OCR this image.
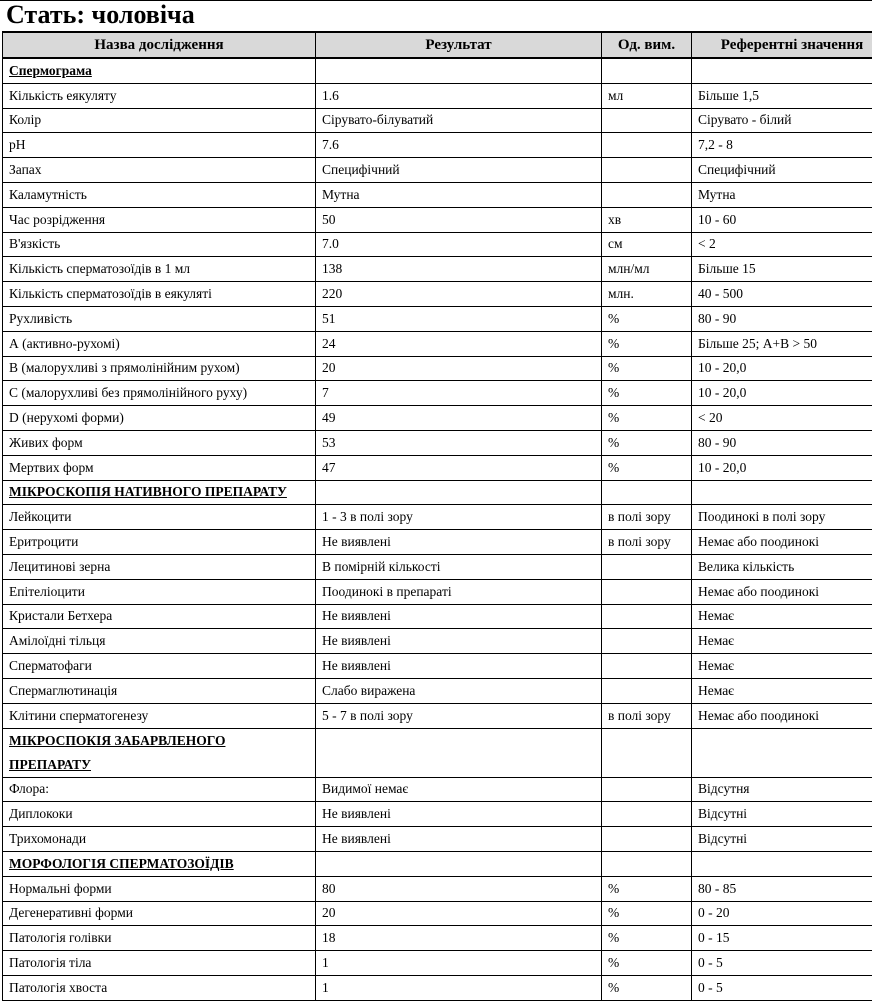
Стать: чоловіча
Назва дослідження	Результат	Од. вим.	Референтні значення
Спермограма			
Кількість еякуляту	1.6	мл	Більше 1,5
Колір	Сірувато-білуватий		Сірувато - білий
pH	7.6		7,2 - 8
Запах	Специфічний		Специфічний
Каламутність	Мутна		Мутна
Час розрідження	50	хв	10 - 60
В'язкість	7.0	см	< 2
Кількість сперматозоїдів в 1 мл	138	млн/мл	Більше 15
Кількість сперматозоїдів в еякуляті	220	млн.	40 - 500
Рухливість	51	%	80 - 90
А (активно-рухомі)	24	%	Більше 25; A+B > 50
В (малорухливі з прямолінійним рухом)	20	%	10 - 20,0
С (малорухливі без прямолінійного руху)	7	%	10 - 20,0
D (нерухомі форми)	49	%	< 20
Живих форм	53	%	80 - 90
Мертвих форм	47	%	10 - 20,0
МІКРОСКОПІЯ НАТИВНОГО ПРЕПАРАТУ			
Лейкоцити	1 - 3 в полі зору	в полі зору	Поодинокі в полі зору
Еритроцити	Не виявлені	в полі зору	Немає або поодинокі
Лецитинові зерна	В помірній кількості		Велика кількість
Епітеліоцити	Поодинокі в препараті		Немає або поодинокі
Кристали Бетхера	Не виявлені		Немає
Амілоїдні тільця	Не виявлені		Немає
Сперматофаги	Не виявлені		Немає
Спермаглютинація	Слабо виражена		Немає
Клітини сперматогенезу	5 - 7 в полі зору	в полі зору	Немає або поодинокі
МІКРОСПОКІЯ ЗАБАРВЛЕНОГО ПРЕПАРАТУ			
Флора:	Видимої немає		Відсутня
Диплококи	Не виявлені		Відсутні
Трихомонади	Не виявлені		Відсутні
МОРФОЛОГІЯ СПЕРМАТОЗОЇДІВ			
Нормальні форми	80	%	80 - 85
Дегенеративні форми	20	%	0 - 20
Патологія голівки	18	%	0 - 15
Патологія тіла	1	%	0 - 5
Патологія хвоста	1	%	0 - 5
